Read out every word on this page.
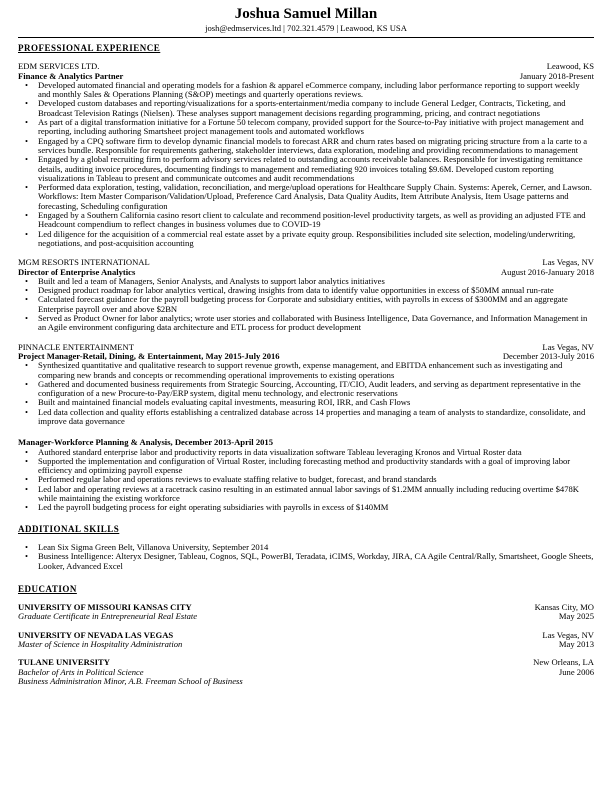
Joshua Samuel Millan
josh@edmservices.ltd | 702.321.4579 | Leawood, KS USA
PROFESSIONAL EXPERIENCE
EDM SERVICES LTD.	Leawood, KS
Finance & Analytics Partner	January 2018-Present
• Developed automated financial and operating models for a fashion & apparel eCommerce company, including labor performance reporting to support weekly and monthly Sales & Operations Planning (S&OP) meetings and quarterly operations reviews.
• Developed custom databases and reporting/visualizations for a sports-entertainment/media company to include General Ledger, Contracts, Ticketing, and Broadcast Television Ratings (Nielsen). These analyses support management decisions regarding programming, pricing, and contract negotiations
• As part of a digital transformation initiative for a Fortune 50 telecom company, provided support for the Source-to-Pay initiative with project management and reporting, including authoring Smartsheet project management tools and automated workflows
• Engaged by a CPQ software firm to develop dynamic financial models to forecast ARR and churn rates based on migrating pricing structure from a la carte to a services bundle. Responsible for requirements gathering, stakeholder interviews, data exploration, modeling and providing recommendations to management
• Engaged by a global recruiting firm to perform advisory services related to outstanding accounts receivable balances. Responsible for investigating remittance details, auditing invoice procedures, documenting findings to management and remediating 920 invoices totaling $9.6M. Developed custom reporting visualizations in Tableau to present and communicate outcomes and audit recommendations
• Performed data exploration, testing, validation, reconciliation, and merge/upload operations for Healthcare Supply Chain. Systems: Aperek, Cerner, and Lawson. Workflows: Item Master Comparison/Validation/Upload, Preference Card Analysis, Data Quality Audits, Item Attribute Analysis, Item Usage patterns and forecasting, Scheduling configuration
• Engaged by a Southern California casino resort client to calculate and recommend position-level productivity targets, as well as providing an adjusted FTE and Headcount compendium to reflect changes in business volumes due to COVID-19
• Led diligence for the acquisition of a commercial real estate asset by a private equity group. Responsibilities included site selection, modeling/underwriting, negotiations, and post-acquisition accounting
MGM RESORTS INTERNATIONAL	Las Vegas, NV
Director of Enterprise Analytics	August 2016-January 2018
• Built and led a team of Managers, Senior Analysts, and Analysts to support labor analytics initiatives
• Designed product roadmap for labor analytics vertical, drawing insights from data to identify value opportunities in excess of $50MM annual run-rate
• Calculated forecast guidance for the payroll budgeting process for Corporate and subsidiary entities, with payrolls in excess of $300MM and an aggregate Enterprise payroll over and above $2BN
• Served as Product Owner for labor analytics; wrote user stories and collaborated with Business Intelligence, Data Governance, and Information Management in an Agile environment configuring data architecture and ETL process for product development
PINNACLE ENTERTAINMENT	Las Vegas, NV
Project Manager-Retail, Dining, & Entertainment, May 2015-July 2016	December 2013-July 2016
• Synthesized quantitative and qualitative research to support revenue growth, expense management, and EBITDA enhancement such as investigating and comparing new brands and concepts or recommending operational improvements to existing operations
• Gathered and documented business requirements from Strategic Sourcing, Accounting, IT/CIO, Audit leaders, and serving as department representative in the configuration of a new Procure-to-Pay/ERP system, digital menu technology, and electronic reservations
• Built and maintained financial models evaluating capital investments, measuring ROI, IRR, and Cash Flows
• Led data collection and quality efforts establishing a centralized database across 14 properties and managing a team of analysts to standardize, consolidate, and improve data governance
Manager-Workforce Planning & Analysis, December 2013-April 2015
• Authored standard enterprise labor and productivity reports in data visualization software Tableau leveraging Kronos and Virtual Roster data
• Supported the implementation and configuration of Virtual Roster, including forecasting method and productivity standards with a goal of improving labor efficiency and optimizing payroll expense
• Performed regular labor and operations reviews to evaluate staffing relative to budget, forecast, and brand standards
• Led labor and operating reviews at a racetrack casino resulting in an estimated annual labor savings of $1.2MM annually including reducing overtime $478K while maintaining the existing workforce
• Led the payroll budgeting process for eight operating subsidiaries with payrolls in excess of $140MM
ADDITIONAL SKILLS
• Lean Six Sigma Green Belt, Villanova University, September 2014
• Business Intelligence: Alteryx Designer, Tableau, Cognos, SQL, PowerBI, Teradata, iCIMS, Workday, JIRA, CA Agile Central/Rally, Smartsheet, Google Sheets, Looker, Advanced Excel
EDUCATION
UNIVERSITY OF MISSOURI KANSAS CITY	Kansas City, MO
Graduate Certificate in Entrepreneurial Real Estate	May 2025
UNIVERSITY OF NEVADA LAS VEGAS	Las Vegas, NV
Master of Science in Hospitality Administration	May 2013
TULANE UNIVERSITY	New Orleans, LA
Bachelor of Arts in Political Science	June 2006
Business Administration Minor, A.B. Freeman School of Business
